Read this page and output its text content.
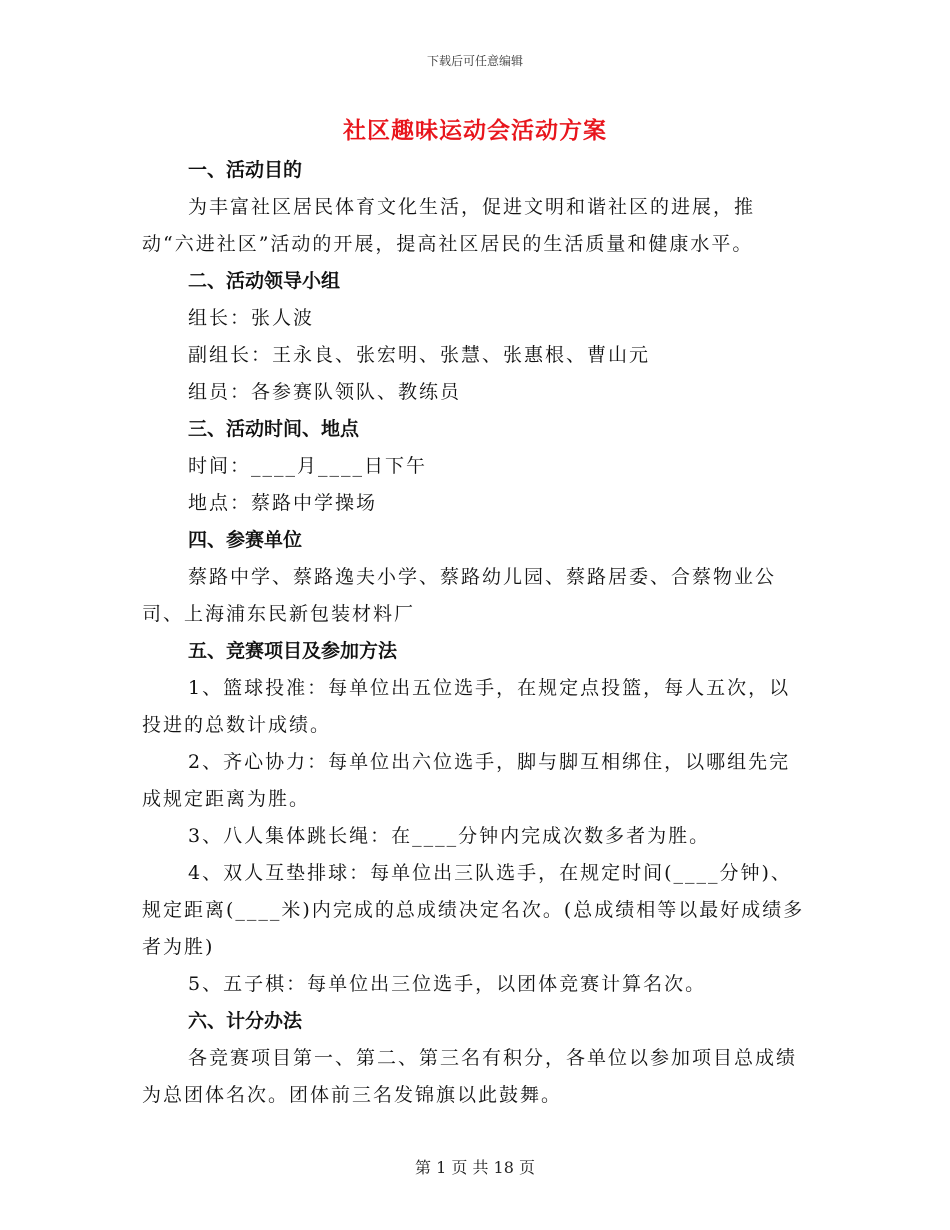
下载后可任意编辑
社区趣味运动会活动方案
一、活动目的

为丰富社区居民体育文化生活，促进文明和谐社区的进展，推动“六进社区”活动的开展，提高社区居民的生活质量和健康水平。

二、活动领导小组

组长：张人波

副组长：王永良、张宏明、张慧、张惠根、曹山元

组员：各参赛队领队、教练员

三、活动时间、地点

时间：____月____日下午

地点：蔡路中学操场

四、参赛单位

蔡路中学、蔡路逸夫小学、蔡路幼儿园、蔡路居委、合蔡物业公司、上海浦东民新包装材料厂

五、竞赛项目及参加方法

1、篮球投准：每单位出五位选手，在规定点投篮，每人五次，以投进的总数计成绩。

2、齐心协力：每单位出六位选手，脚与脚互相绑住，以哪组先完成规定距离为胜。

3、八人集体跳长绳：在____分钟内完成次数多者为胜。

4、双人互垫排球：每单位出三队选手，在规定时间(____分钟)、规定距离(____米)内完成的总成绩决定名次。(总成绩相等以最好成绩多者为胜)

5、五子棋：每单位出三位选手，以团体竞赛计算名次。

六、计分办法

各竞赛项目第一、第二、第三名有积分，各单位以参加项目总成绩为总团体名次。团体前三名发锦旗以此鼓舞。

第 1 页 共 18 页
